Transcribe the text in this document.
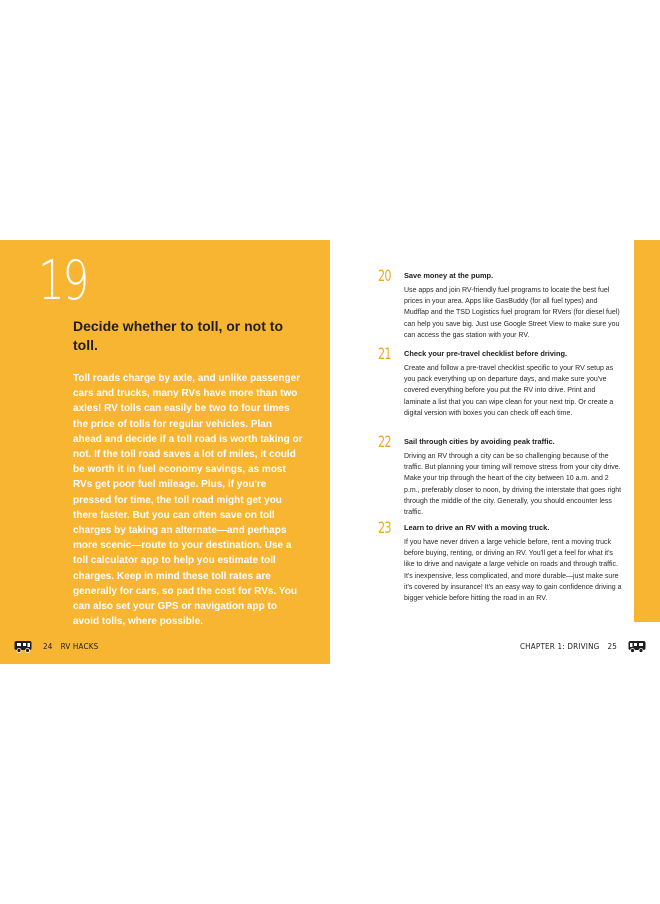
19
Decide whether to toll, or not to toll.
Toll roads charge by axle, and unlike passenger cars and trucks, many RVs have more than two axles! RV tolls can easily be two to four times the price of tolls for regular vehicles. Plan ahead and decide if a toll road is worth taking or not. If the toll road saves a lot of miles, it could be worth it in fuel economy savings, as most RVs get poor fuel mileage. Plus, if you're pressed for time, the toll road might get you there faster. But you can often save on toll charges by taking an alternate—and perhaps more scenic—route to your destination. Use a toll calculator app to help you estimate toll charges. Keep in mind these toll rates are generally for cars, so pad the cost for RVs. You can also set your GPS or navigation app to avoid tolls, where possible.
24 RV HACKS
20 Save money at the pump.
Use apps and join RV-friendly fuel programs to locate the best fuel prices in your area. Apps like GasBuddy (for all fuel types) and Mudflap and the TSD Logistics fuel program for RVers (for diesel fuel) can help you save big. Just use Google Street View to make sure you can access the gas station with your RV.
21 Check your pre-travel checklist before driving.
Create and follow a pre-travel checklist specific to your RV setup as you pack everything up on departure days, and make sure you've covered everything before you put the RV into drive. Print and laminate a list that you can wipe clean for your next trip. Or create a digital version with boxes you can check off each time.
22 Sail through cities by avoiding peak traffic.
Driving an RV through a city can be so challenging because of the traffic. But planning your timing will remove stress from your city drive. Make your trip through the heart of the city between 10 a.m. and 2 p.m., preferably closer to noon, by driving the interstate that goes right through the middle of the city. Generally, you should encounter less traffic.
23 Learn to drive an RV with a moving truck.
If you have never driven a large vehicle before, rent a moving truck before buying, renting, or driving an RV. You'll get a feel for what it's like to drive and navigate a large vehicle on roads and through traffic. It's inexpensive, less complicated, and more durable—just make sure it's covered by insurance! It's an easy way to gain confidence driving a bigger vehicle before hitting the road in an RV.
CHAPTER 1: DRIVING 25
